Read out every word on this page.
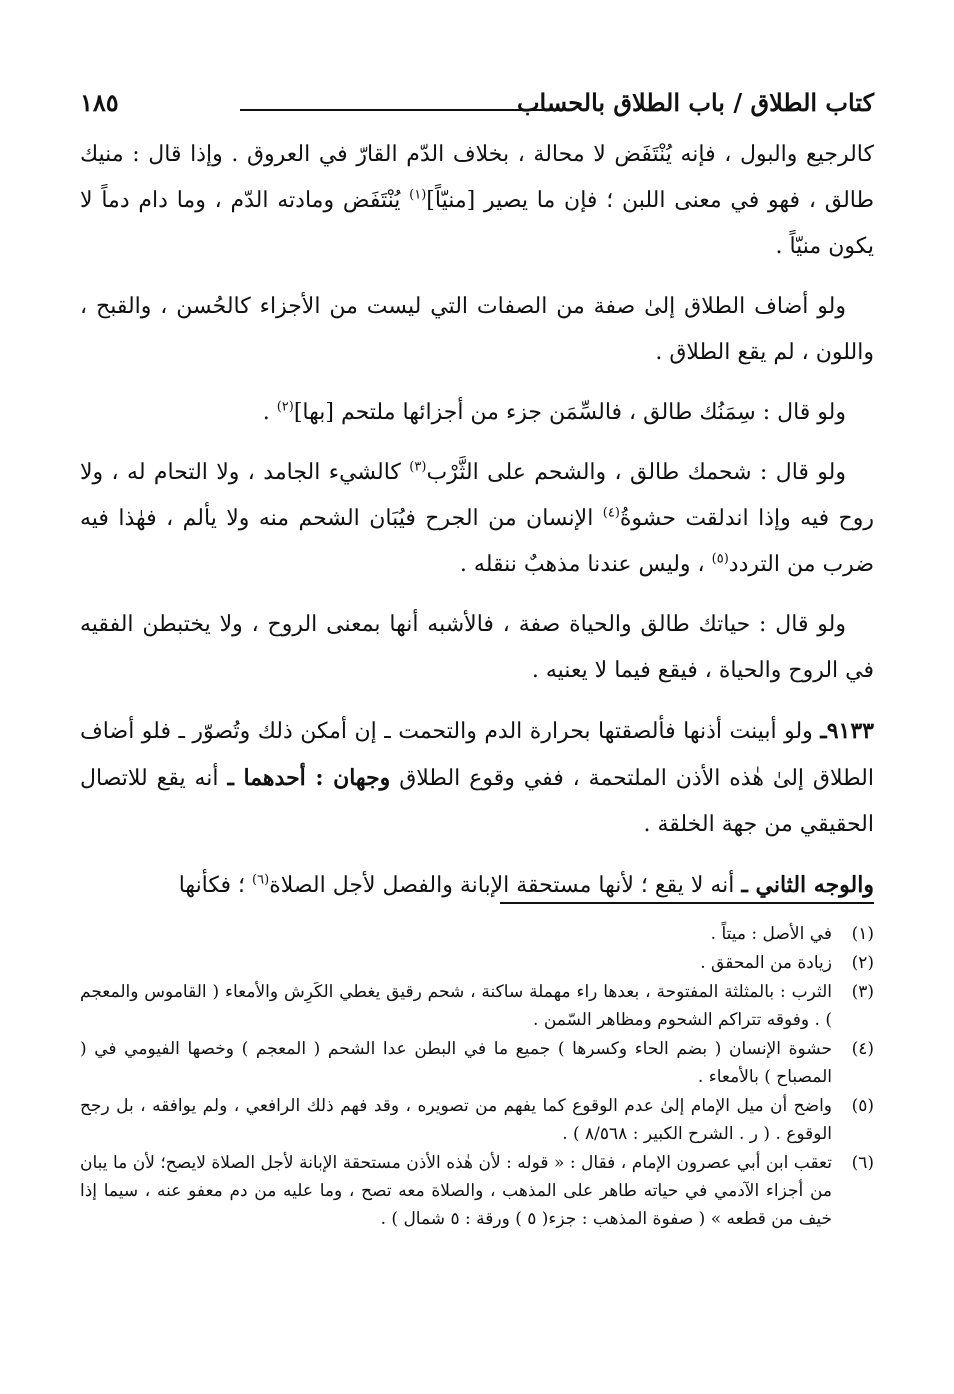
كتاب الطلاق / باب الطلاق بالحساب
١٨٥

كالرجيع والبول ، فإنه يُنْتَفَض لا محالة ، بخلاف الدّم القارّ في العروق . وإذا قال : منيك طالق ، فهو في معنى اللبن ؛ فإن ما يصير [منيّاً]$^{(١)}$ يُنْتَفَض ومادته الدّم ، وما دام دماً لا يكون منيّاً .

ولو أضاف الطلاق إلىٰ صفة من الصفات التي ليست من الأجزاء كالحُسن ، والقبح ، واللون ، لم يقع الطلاق .

ولو قال : سِمَنُك طالق ، فالسِّمَن جزء من أجزائها ملتحم [بها]$^{(٢)}$ .

ولو قال : شحمك طالق ، والشحم على الثَّرْب$^{(٣)}$ كالشيء الجامد ، ولا التحام له ، ولا روح فيه وإذا اندلقت حشوةُ$^{(٤)}$ الإنسان من الجرح فيُبَان الشحم منه ولا يألم ، فهٰذا فيه ضرب من التردد$^{(٥)}$ ، وليس عندنا مذهبٌ ننقله .

ولو قال : حياتك طالق والحياة صفة ، فالأشبه أنها بمعنى الروح ، ولا يختبطن الفقيه في الروح والحياة ، فيقع فيما لا يعنيه .

٩١٣٣ـ ولو أبينت أذنها فألصقتها بحرارة الدم والتحمت ـ إن أمكن ذلك وتُصوّر ـ فلو أضاف الطلاق إلىٰ هٰذه الأذن الملتحمة ، ففي وقوع الطلاق وجهان : أحدهما ـ أنه يقع للاتصال الحقيقي من جهة الخلقة .

والوجه الثاني ـ أنه لا يقع ؛ لأنها مستحقة الإبانة والفصل لأجل الصلاة$^{(٦)}$ ؛ فكأنها

(١)
في الأصل : ميتاً .
(٢)
زيادة من المحقق .
(٣)
الثرب : بالمثلثة المفتوحة ، بعدها راء مهملة ساكنة ، شحم رقيق يغطي الكَرِش والأمعاء ( القاموس والمعجم ) . وفوقه تتراكم الشحوم ومظاهر السّمن .
(٤)
حشوة الإنسان ( بضم الحاء وكسرها ) جميع ما في البطن عدا الشحم ( المعجم ) وخصها الفيومي في ( المصباح ) بالأمعاء .
(٥)
واضح أن ميل الإمام إلىٰ عدم الوقوع كما يفهم من تصويره ، وقد فهم ذلك الرافعي ، ولم يوافقه ، بل رجح الوقوع . ( ر . الشرح الكبير : ٨/٥٦٨ ) .
(٦)
تعقب ابن أبي عصرون الإمام ، فقال : « قوله : لأن هٰذه الأذن مستحقة الإبانة لأجل الصلاة لايصح؛ لأن ما يبان من أجزاء الآدمي في حياته طاهر على المذهب ، والصلاة معه تصح ، وما عليه من دم معفو عنه ، سيما إذا خيف من قطعه » ( صفوة المذهب : جزء( ٥ ) ورقة : ٥ شمال ) .
